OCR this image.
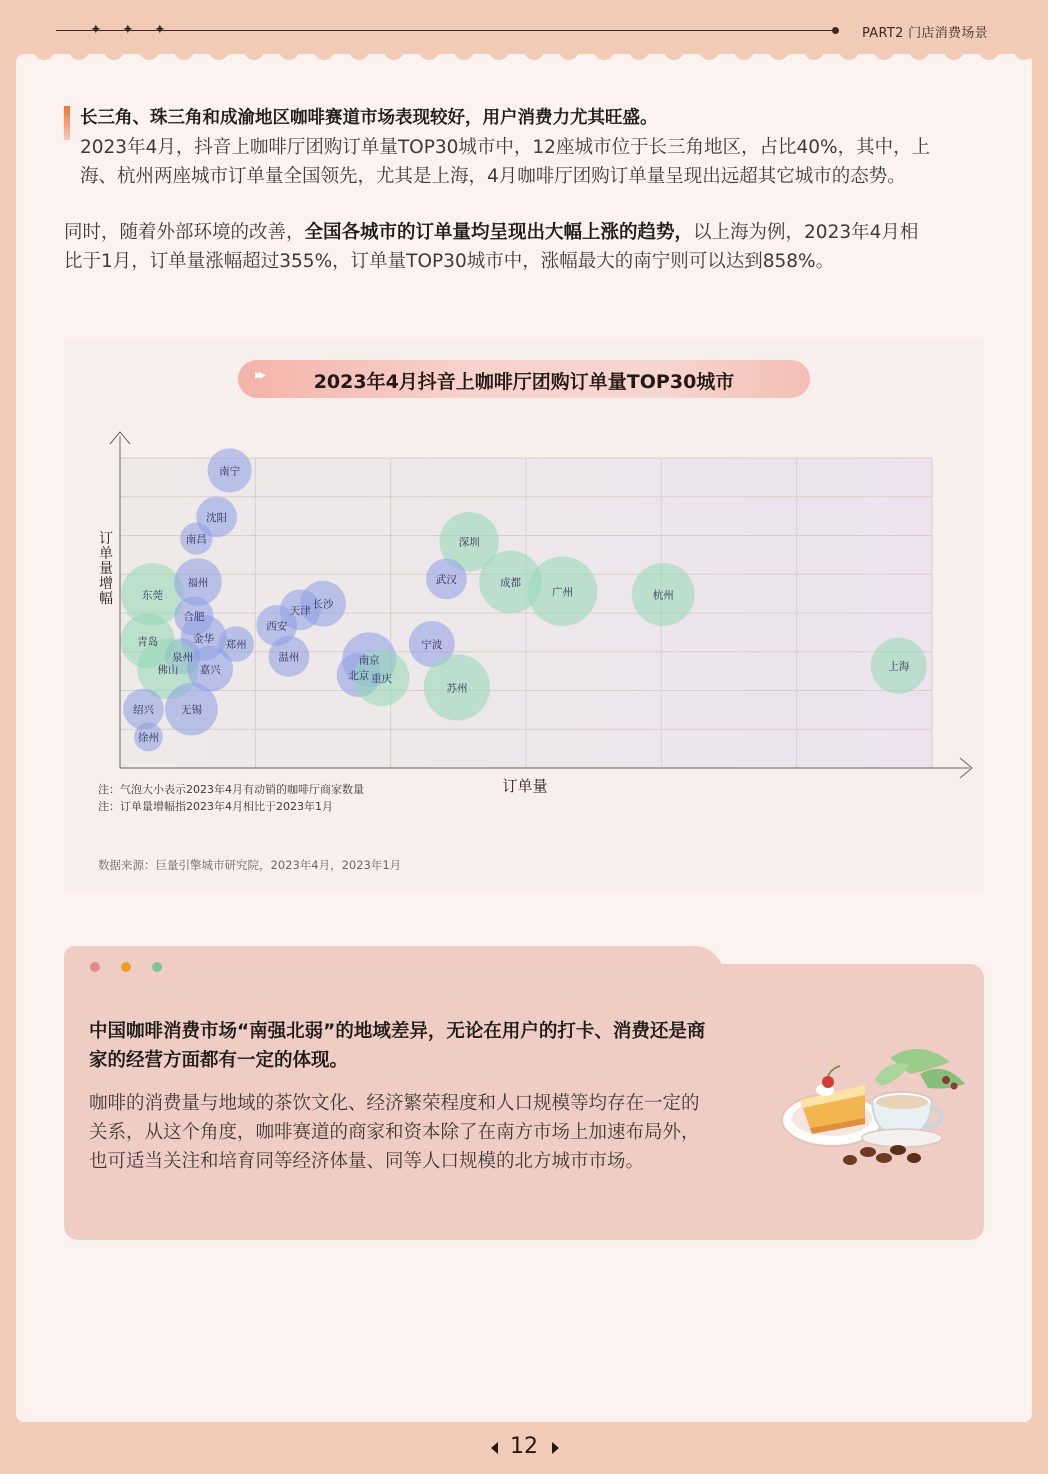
✦ ✦ ✦	PART2 门店消费场景
长三角、珠三角和成渝地区咖啡赛道市场表现较好，用户消费力尤其旺盛。
2023年4月，抖音上咖啡厅团购订单量TOP30城市中，12座城市位于长三角地区，占比40%，其中，上
海、杭州两座城市订单量全国领先，尤其是上海，4月咖啡厅团购订单量呈现出远超其它城市的态势。
同时，随着外部环境的改善，全国各城市的订单量均呈现出大幅上涨的趋势，以上海为例，2023年4月相
比于1月，订单量涨幅超过355%，订单量TOP30城市中，涨幅最大的南宁则可以达到858%。
▸▸	2023年4月抖音上咖啡厅团购订单量TOP30城市
订单量
订单量增幅
南宁
沈阳
南昌	深圳
武汉	成都
广州	杭州
东莞
福州
长沙
天津
合肥
西安
金华
郑州
青岛	宁波
温州
泉州	南京
佛山 嘉兴
北京 重庆
上海
苏州
绍兴	无锡
徐州
注：气泡大小表示2023年4月有动销的咖啡厅商家数量
注：订单量增幅指2023年4月相比于2023年1月
数据来源：巨量引擎城市研究院，2023年4月，2023年1月
中国咖啡消费市场“南强北弱”的地域差异，无论在用户的打卡、消费还是商
家的经营方面都有一定的体现。
咖啡的消费量与地域的茶饮文化、经济繁荣程度和人口规模等均存在一定的
关系，从这个角度，咖啡赛道的商家和资本除了在南方市场上加速布局外，
也可适当关注和培育同等经济体量、同等人口规模的北方城市市场。
12
